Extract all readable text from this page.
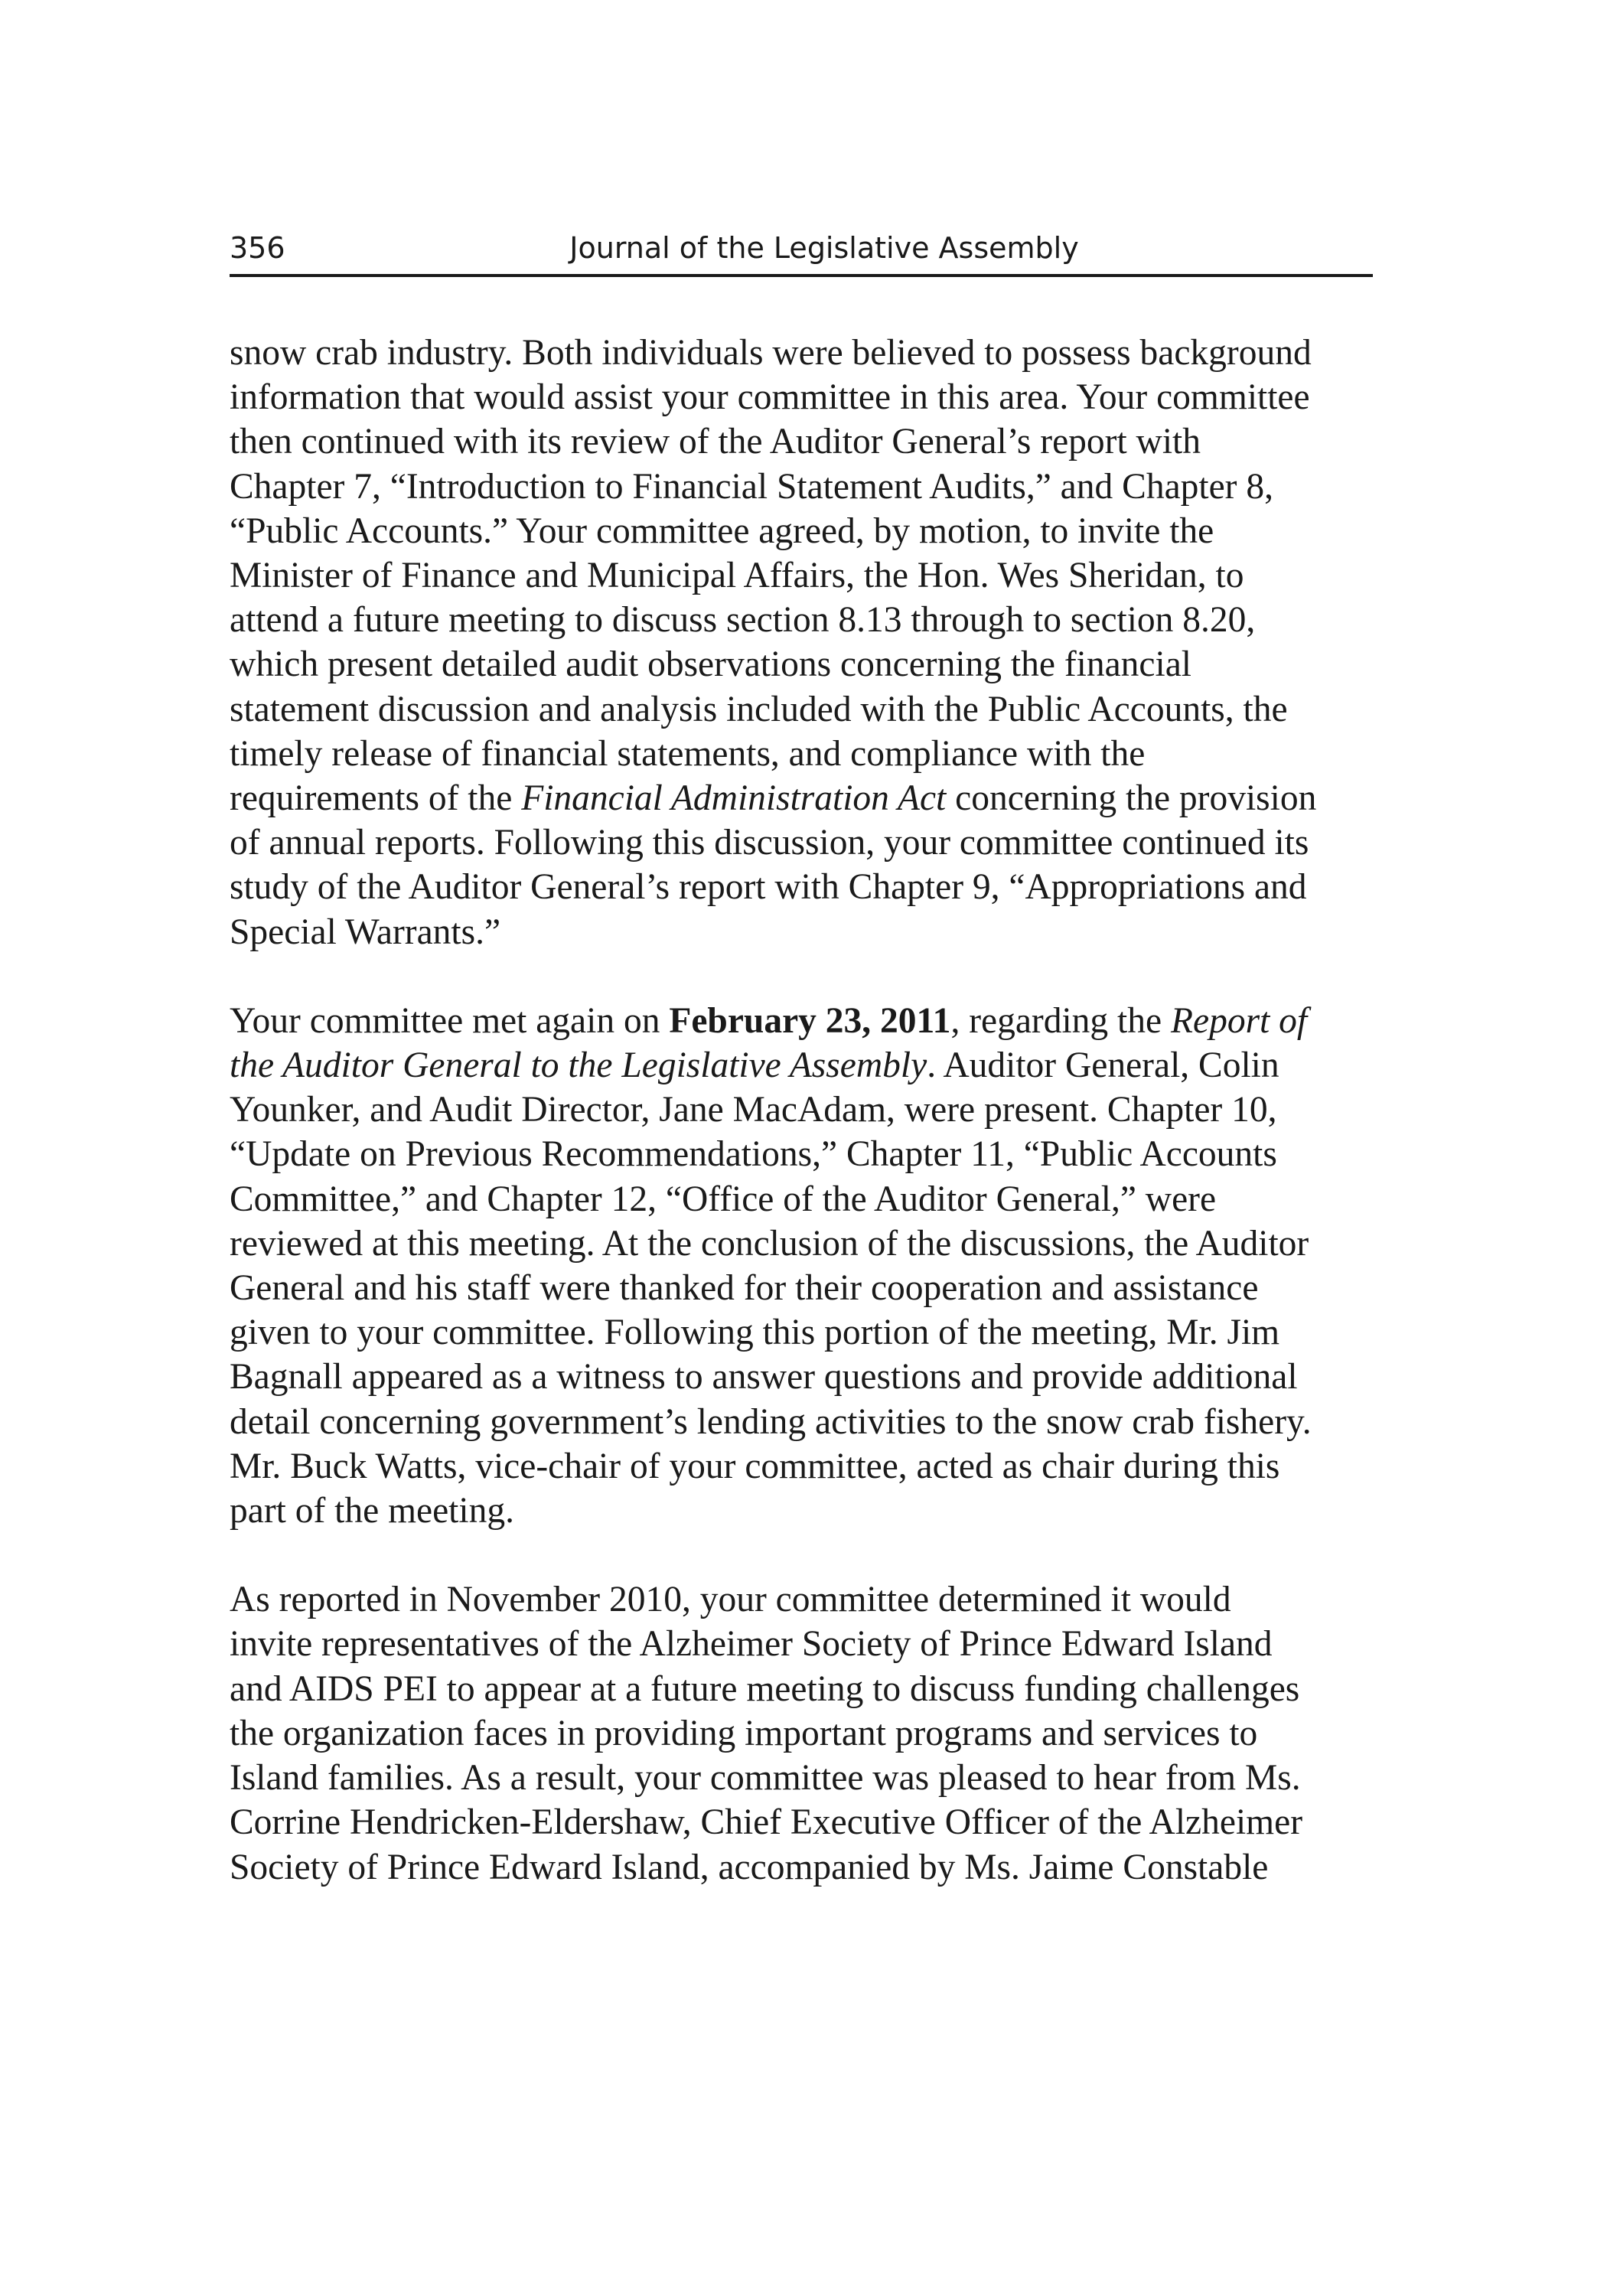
356	Journal of the Legislative Assembly

snow crab industry. Both individuals were believed to possess background
information that would assist your committee in this area. Your committee
then continued with its review of the Auditor General’s report with
Chapter 7, “Introduction to Financial Statement Audits,” and Chapter 8,
“Public Accounts.” Your committee agreed, by motion, to invite the
Minister of Finance and Municipal Affairs, the Hon. Wes Sheridan, to
attend a future meeting to discuss section 8.13 through to section 8.20,
which present detailed audit observations concerning the financial
statement discussion and analysis included with the Public Accounts, the
timely release of financial statements, and compliance with the
requirements of the Financial Administration Act concerning the provision
of annual reports. Following this discussion, your committee continued its
study of the Auditor General’s report with Chapter 9, “Appropriations and
Special Warrants.”

Your committee met again on February 23, 2011, regarding the Report of
the Auditor General to the Legislative Assembly. Auditor General, Colin
Younker, and Audit Director, Jane MacAdam, were present. Chapter 10,
“Update on Previous Recommendations,” Chapter 11, “Public Accounts
Committee,” and Chapter 12, “Office of the Auditor General,” were
reviewed at this meeting. At the conclusion of the discussions, the Auditor
General and his staff were thanked for their cooperation and assistance
given to your committee. Following this portion of the meeting, Mr. Jim
Bagnall appeared as a witness to answer questions and provide additional
detail concerning government’s lending activities to the snow crab fishery.
Mr. Buck Watts, vice-chair of your committee, acted as chair during this
part of the meeting.

As reported in November 2010, your committee determined it would
invite representatives of the Alzheimer Society of Prince Edward Island
and AIDS PEI to appear at a future meeting to discuss funding challenges
the organization faces in providing important programs and services to
Island families. As a result, your committee was pleased to hear from Ms.
Corrine Hendricken-Eldershaw, Chief Executive Officer of the Alzheimer
Society of Prince Edward Island, accompanied by Ms. Jaime Constable
